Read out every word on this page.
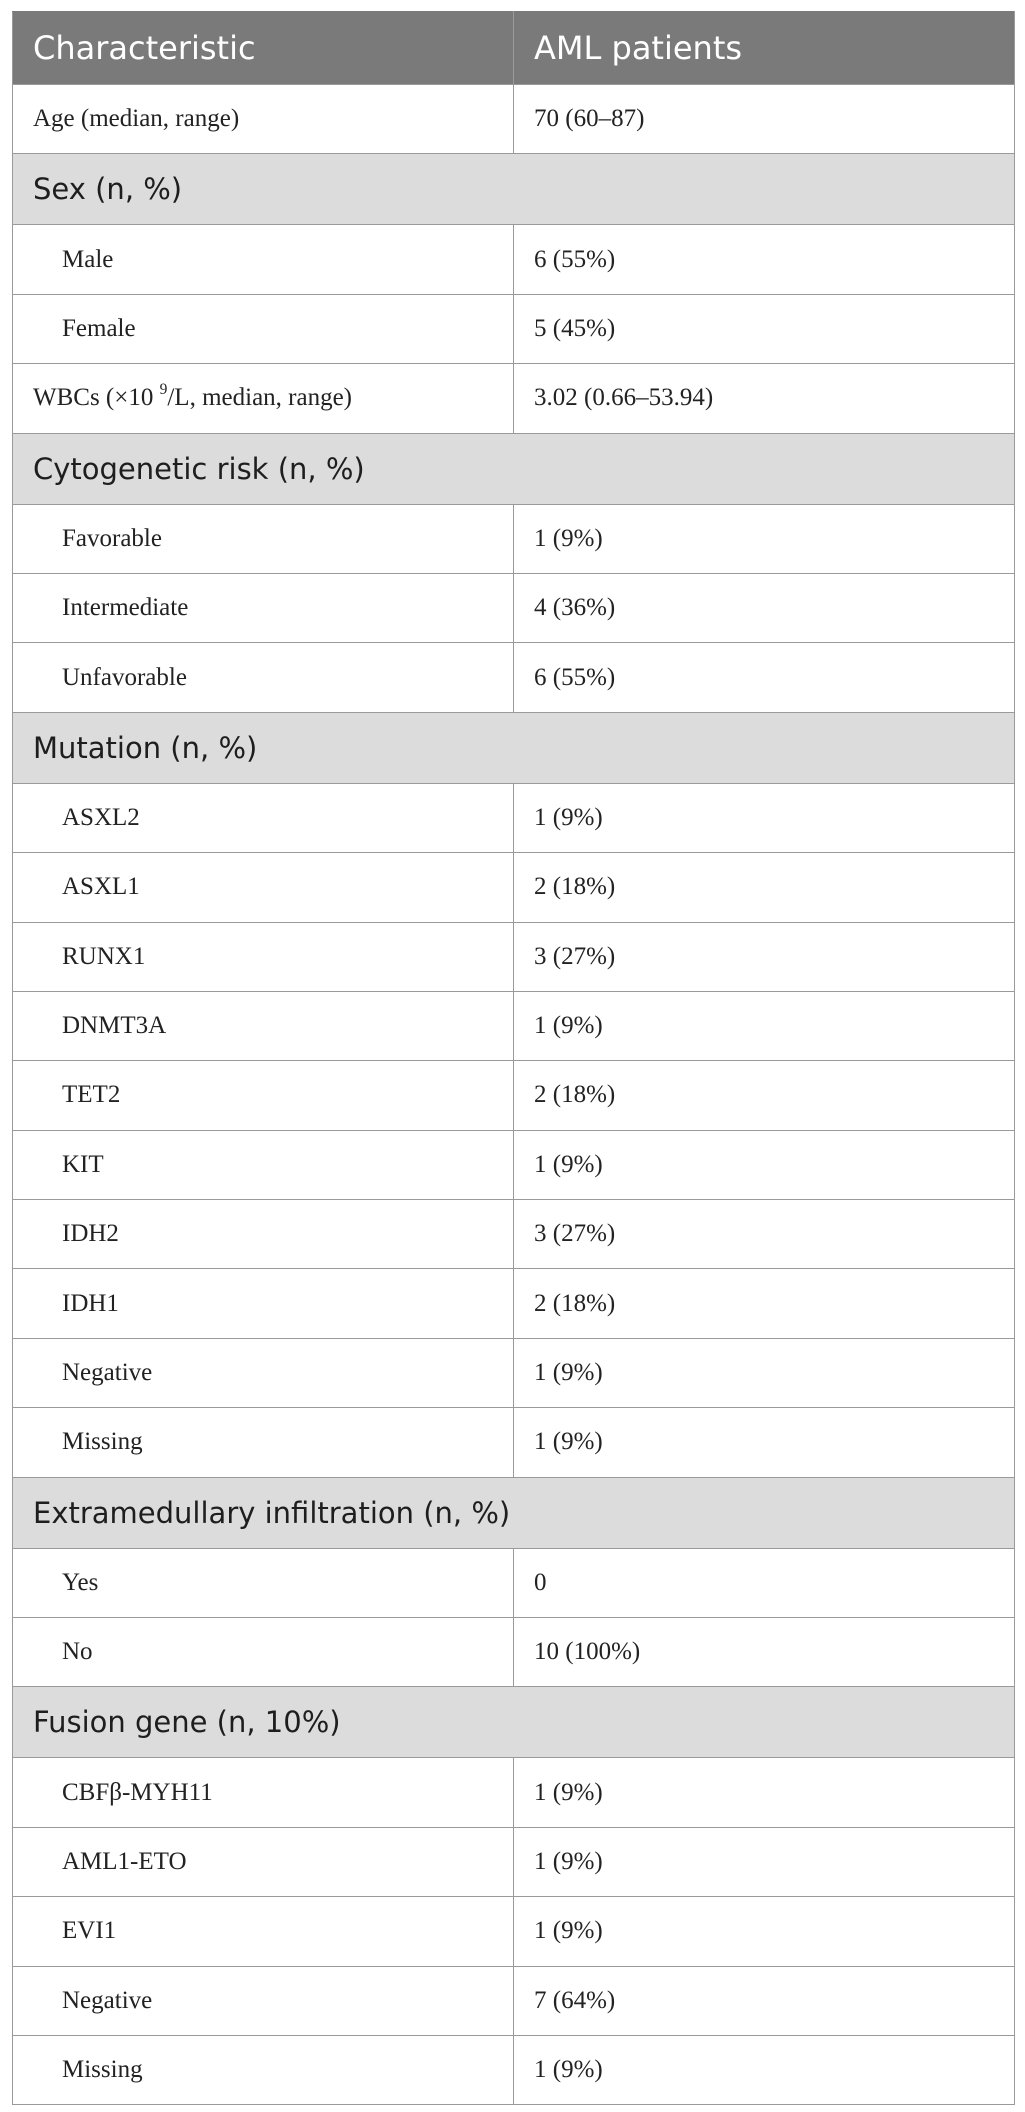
Characteristic	AML patients
Age (median, range)	70 (60–87)
Sex (n, %)	
Male	6 (55%)
Female	5 (45%)
WBCs (×10 $^9$/L, median, range)	3.02 (0.66–53.94)
Cytogenetic risk (n, %)	
Favorable	1 (9%)
Intermediate	4 (36%)
Unfavorable	6 (55%)
Mutation (n, %)	
ASXL2	1 (9%)
ASXL1	2 (18%)
RUNX1	3 (27%)
DNMT3A	1 (9%)
TET2	2 (18%)
KIT	1 (9%)
IDH2	3 (27%)
IDH1	2 (18%)
Negative	1 (9%)
Missing	1 (9%)
Extramedullary infiltration (n, %)	
Yes	0
No	10 (100%)
Fusion gene (n, 10%)	
CBFβ-MYH11	1 (9%)
AML1-ETO	1 (9%)
EVI1	1 (9%)
Negative	7 (64%)
Missing	1 (9%)
